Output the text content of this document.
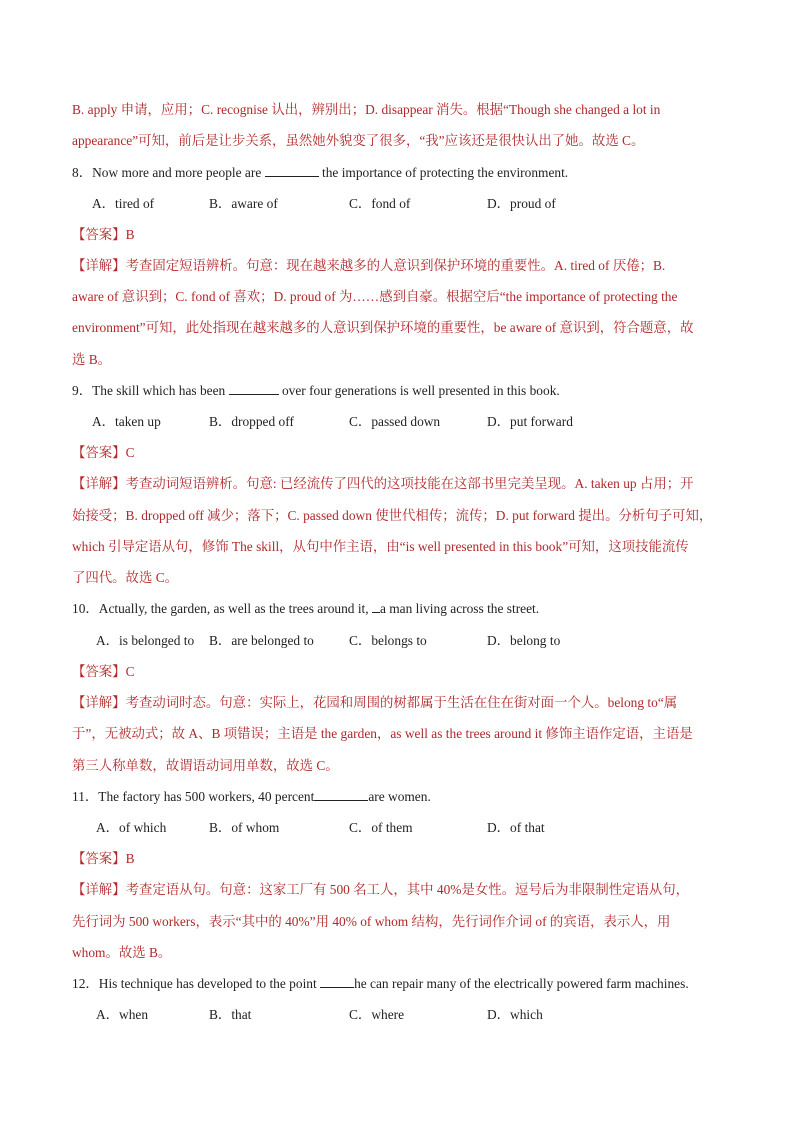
B. apply 申请，应用；C. recognise 认出，辨别出；D. disappear 消失。根据“Though she changed a lot in
appearance”可知，前后是让步关系，虽然她外貌变了很多，“我”应该还是很快认出了她。故选 C。
8．Now more and more people are	the importance of protecting the environment.
A．tired of	B．aware of	C．fond of	D．proud of
【答案】B
【详解】考查固定短语辨析。句意：现在越来越多的人意识到保护环境的重要性。A. tired of 厌倦；B.
aware of 意识到；C. fond of 喜欢；D. proud of 为……感到自豪。根据空后“the importance of protecting the
environment”可知，此处指现在越来越多的人意识到保护环境的重要性，be aware of 意识到，符合题意，故
选 B。
9．The skill which has been	over four generations is well presented in this book.
A．taken up	B．dropped off	C．passed down	D．put forward
【答案】C
【详解】考查动词短语辨析。句意: 已经流传了四代的这项技能在这部书里完美呈现。A. taken up 占用；开
始接受；B. dropped off 减少；落下；C. passed down 使世代相传；流传；D. put forward 提出。分析句子可知，
which 引导定语从句，修饰 The skill，从句中作主语，由“is well presented in this book”可知，这项技能流传
了四代。故选 C。
10．Actually, the garden, as well as the trees around it, a man living across the street.
A．is belonged to B．are belonged to	C．belongs to	D．belong to
【答案】C
【详解】考查动词时态。句意：实际上，花园和周围的树都属于生活在住在街对面一个人。belong to“属
于”，无被动式；故 A、B 项错误；主语是 the garden，as well as the trees around it 修饰主语作定语，主语是
第三人称单数，故谓语动词用单数，故选 C。
11．The factory has 500 workers, 40 percent	are women.
A．of which	B．of whom	C．of them	D．of that
【答案】B
【详解】考查定语从句。句意：这家工厂有 500 名工人，其中 40%是女性。逗号后为非限制性定语从句，
先行词为 500 workers，表示“其中的 40%”用 40% of whom 结构，先行词作介词 of 的宾语，表示人，用
whom。故选 B。
12．His technique has developed to the point	he can repair many of the electrically powered farm machines.
A．when	B．that	C．where	D．which
